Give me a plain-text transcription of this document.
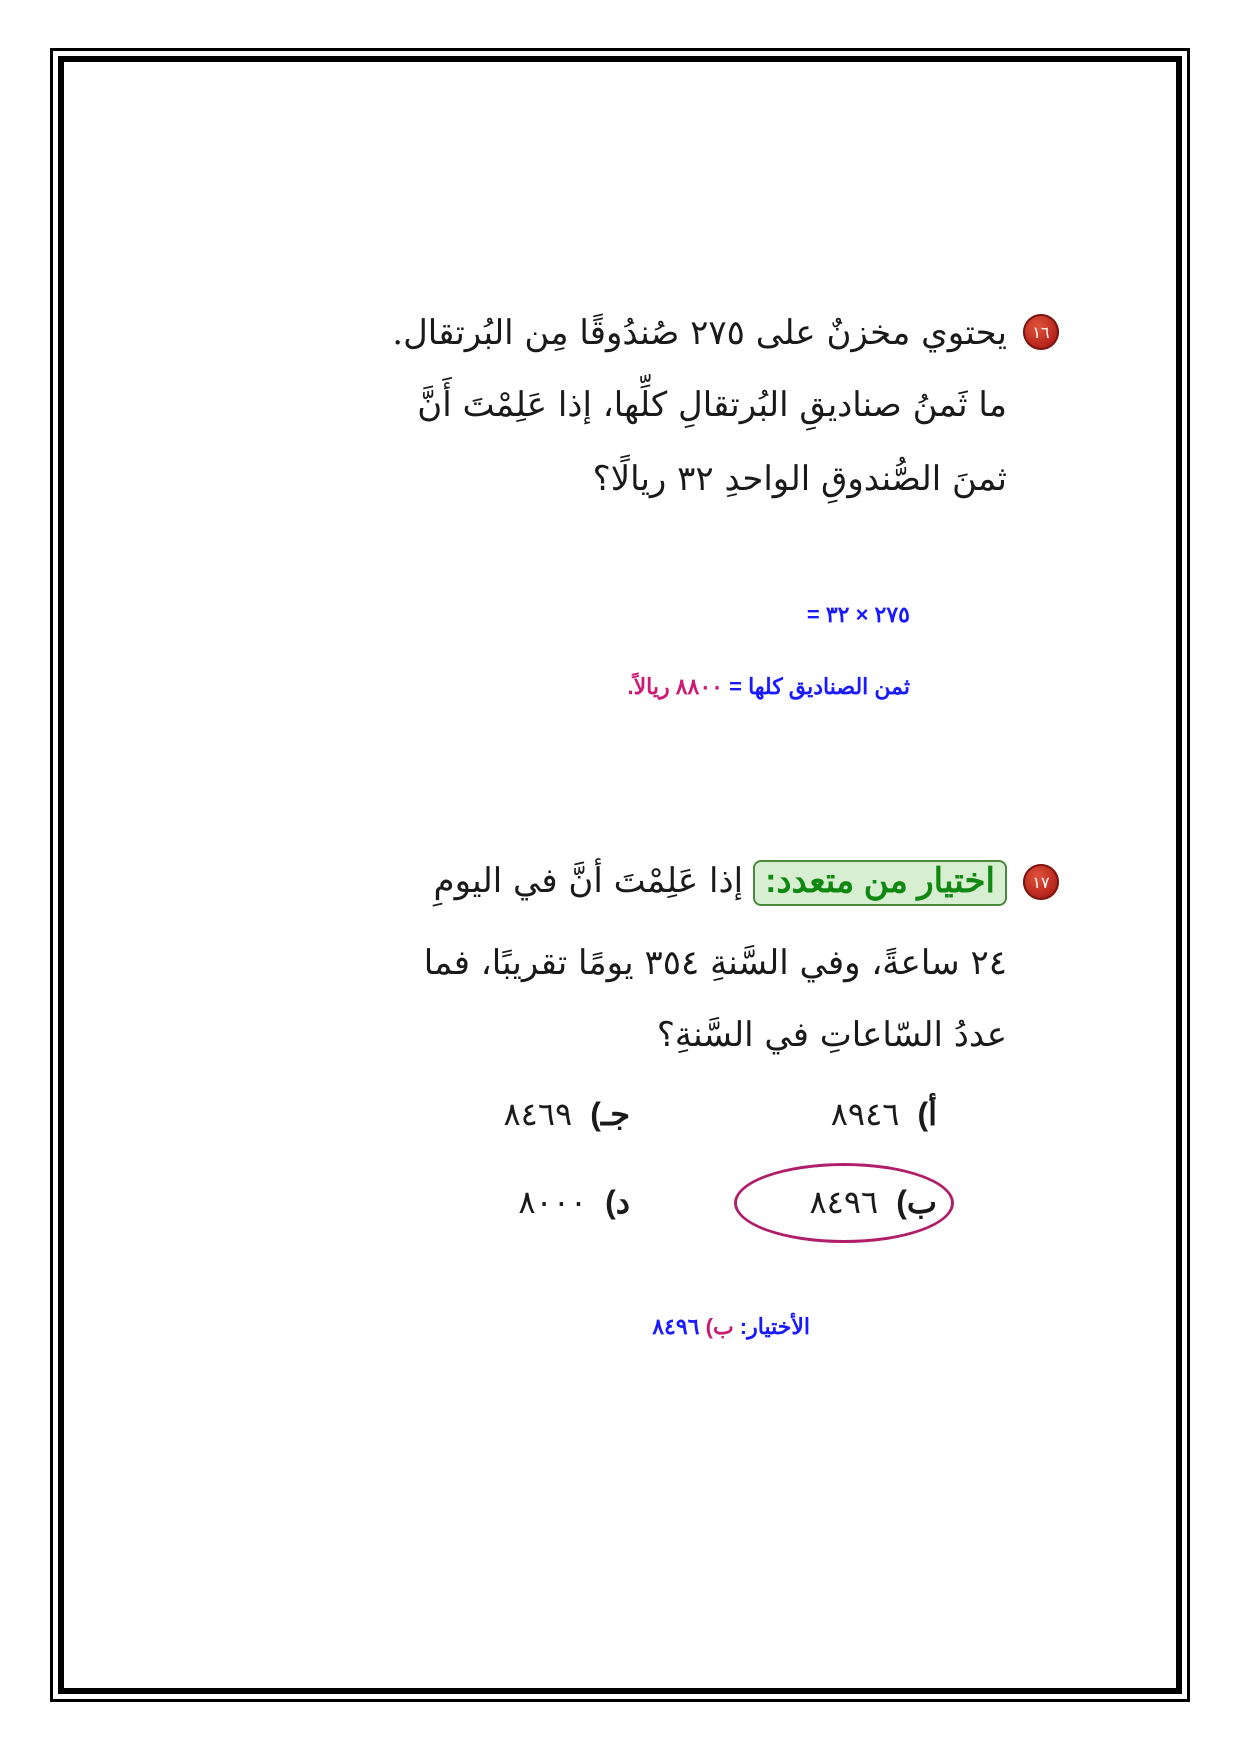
١٦
يحتوي مخزنٌ على ٢٧٥ صُندُوقًا مِن البُرتقال.
ما ثَمنُ صناديقِ البُرتقالِ كلِّها، إذا عَلِمْتَ أَنَّ
ثمنَ الصُّندوقِ الواحدِ ٣٢ ريالًا؟
٢٧٥ × ٣٢ =
ثمن الصناديق كلها = ٨٨٠٠ ريالاً.
١٧
اختيار من متعدد:إذا عَلِمْتَ أنَّ في اليومِ
٢٤ ساعةً، وفي السَّنةِ ٣٥٤ يومًا تقريبًا، فما
عددُ السّاعاتِ في السَّنةِ؟
أ)٨٩٤٦
جـ)٨٤٦٩
ب)٨٤٩٦
د)٨٠٠٠
الأختيار: ب) ٨٤٩٦
